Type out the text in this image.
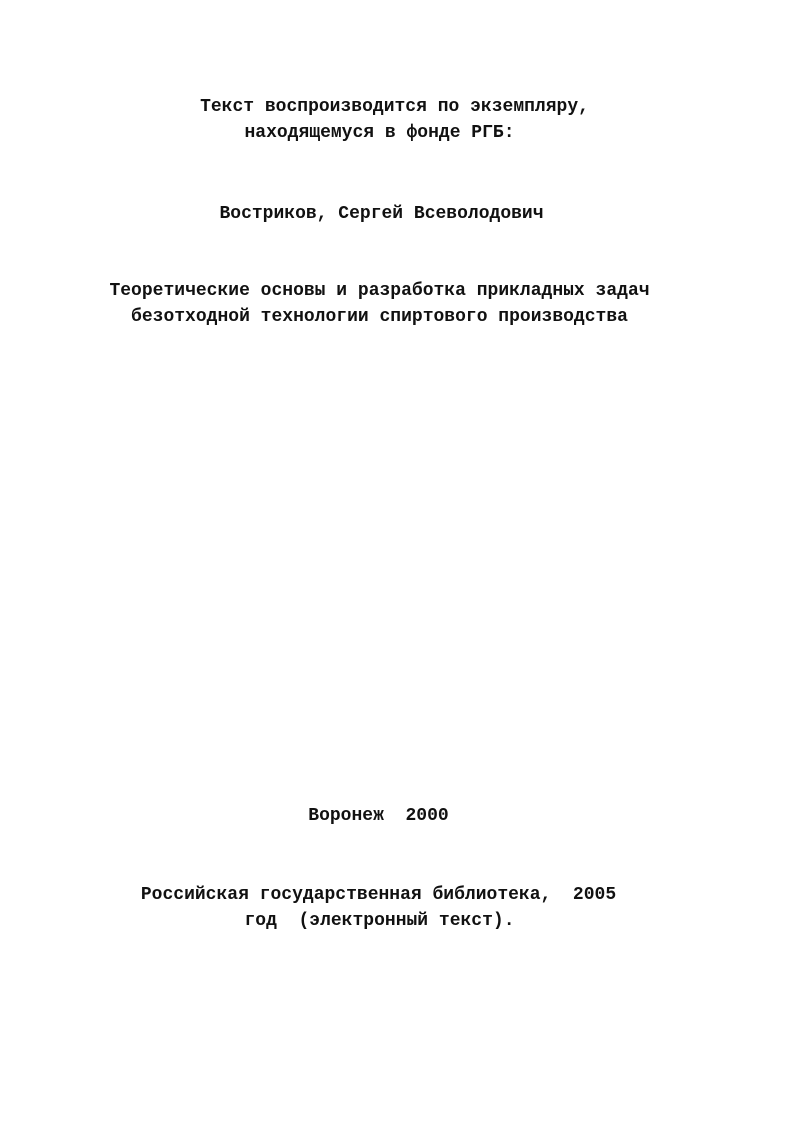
Текст воспроизводится по экземпляру,

находящемуся в фонде РГБ:

Востриков, Сергей Всеволодович

Теоретические основы и разработка прикладных задач

безотходной технологии спиртового производства

Воронеж  2000

Российская государственная библиотека,  2005

год  (электронный текст).
